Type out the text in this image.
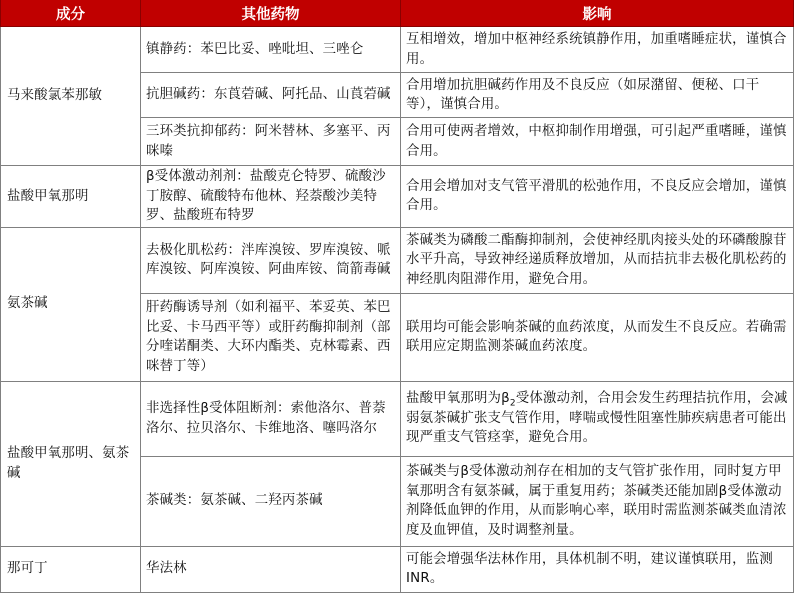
成分	其他药物	影响
马来酸氯苯那敏	镇静药：苯巴比妥、唑吡坦、三唑仑	互相增效，增加中枢神经系统镇静作用，加重嗜睡症状，谨慎合用。
	抗胆碱药：东莨菪碱、阿托品、山莨菪碱	合用增加抗胆碱药作用及不良反应（如尿潴留、便秘、口干等），谨慎合用。
	三环类抗抑郁药：阿米替林、多塞平、丙咪嗪	合用可使两者增效，中枢抑制作用增强，可引起严重嗜睡，谨慎合用。
盐酸甲氧那明	β受体激动剂剂：盐酸克仑特罗、硫酸沙丁胺醇、硫酸特布他林、羟萘酸沙美特罗、盐酸班布特罗	合用会增加对支气管平滑肌的松弛作用，不良反应会增加，谨慎合用。
氨茶碱	去极化肌松药：泮库溴铵、罗库溴铵、哌库溴铵、阿库溴铵、阿曲库铵、筒箭毒碱	茶碱类为磷酸二酯酶抑制剂，会使神经肌肉接头处的环磷酸腺苷水平升高，导致神经递质释放增加，从而拮抗非去极化肌松药的神经肌肉阻滞作用，避免合用。
	肝药酶诱导剂（如利福平、苯妥英、苯巴比妥、卡马西平等）或肝药酶抑制剂（部分喹诺酮类、大环内酯类、克林霉素、西咪替丁等）	联用均可能会影响茶碱的血药浓度，从而发生不良反应。若确需联用应定期监测茶碱血药浓度。
盐酸甲氧那明、氨茶碱	非选择性β受体阻断剂：索他洛尔、普萘洛尔、拉贝洛尔、卡维地洛、噻吗洛尔	盐酸甲氧那明为$\beta_2$受体激动剂，合用会发生药理拮抗作用，会减弱氨茶碱扩张支气管作用，哮喘或慢性阻塞性肺疾病患者可能出现严重支气管痉挛，避免合用。
	茶碱类：氨茶碱、二羟丙茶碱	茶碱类与β受体激动剂存在相加的支气管扩张作用，同时复方甲氧那明含有氨茶碱，属于重复用药；茶碱类还能加剧β受体激动剂降低血钾的作用，从而影响心率，联用时需监测茶碱类血清浓度及血钾值，及时调整剂量。
那可丁	华法林	可能会增强华法林作用，具体机制不明，建议谨慎联用，监测INR。
